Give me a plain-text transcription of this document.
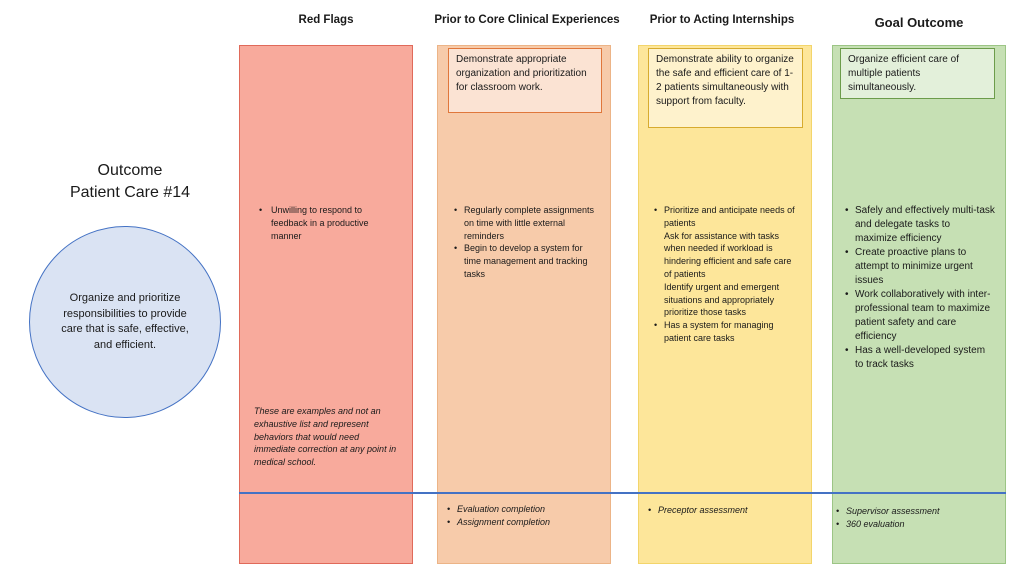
Red Flags	Prior to Core Clinical Experiences	Prior to Acting Internships	Goal Outcome
Demonstrate appropriate organization and prioritization for classroom work.
Demonstrate ability to organize the safe and efficient care of 1-2 patients simultaneously with support from faculty.
Organize efficient care of multiple patients simultaneously.
Outcome
Patient Care #14
Organize and prioritize responsibilities to provide care that is safe, effective, and efficient.
• Unwilling to respond to feedback in a productive manner
These are examples and not an exhaustive list and represent behaviors that would need immediate correction at any point in medical school.
• Regularly complete assignments on time with little external reminders
• Begin to develop a system for time management and tracking tasks
• Prioritize and anticipate needs of patients
Ask for assistance with tasks when needed if workload is hindering efficient and safe care of patients
Identify urgent and emergent situations and appropriately prioritize those tasks
• Has a system for managing patient care tasks
• Safely and effectively multi-task and delegate tasks to maximize efficiency
• Create proactive plans to attempt to minimize urgent issues
• Work collaboratively with inter-professional team to maximize patient safety and care efficiency
• Has a well-developed system to track tasks
• Evaluation completion
• Assignment completion
• Preceptor assessment
•	Supervisor assessment
• 360 evaluation
